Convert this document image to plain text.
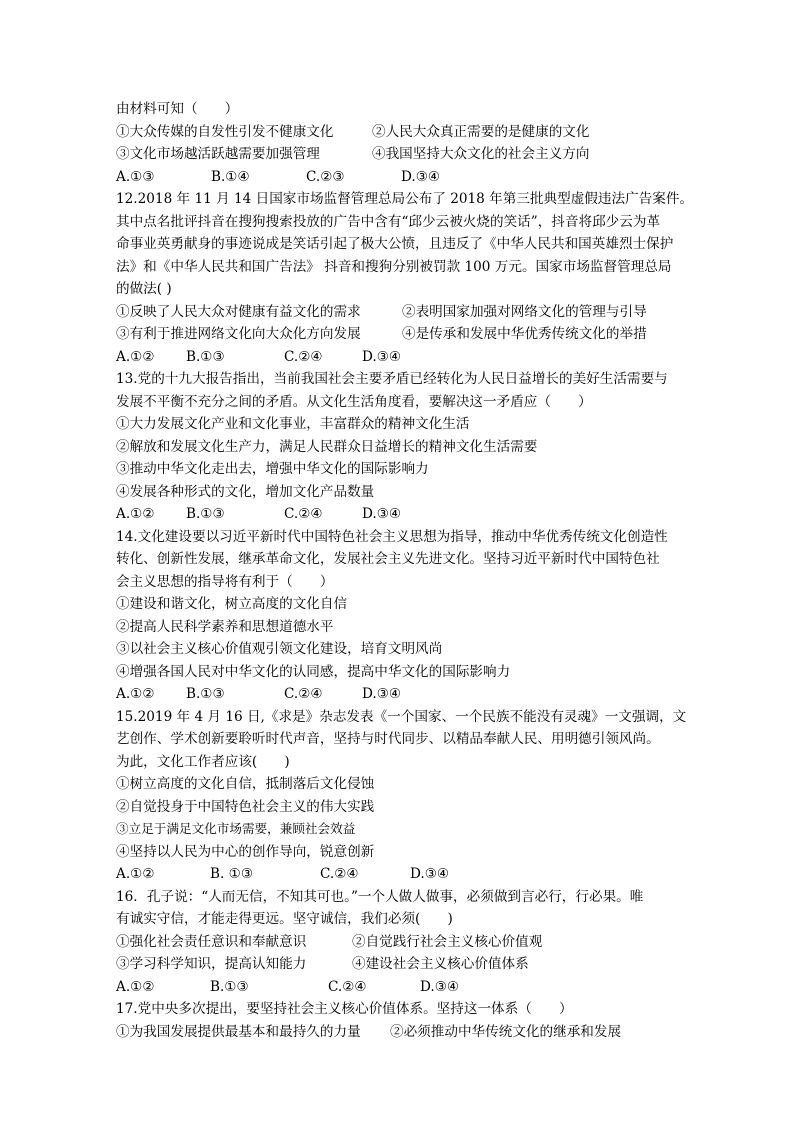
由材料可知（　　）
①大众传媒的自发性引发不健康文化	②人民大众真正需要的是健康的文化
③文化市场越活跃越需要加强管理	④我国坚持大众文化的社会主义方向
A.①③	B.①④	C.②③	D.③④
12.2018 年 11 月 14 日国家市场监督管理总局公布了 2018 年第三批典型虚假违法广告案件。
其中点名批评抖音在搜狗搜索投放的广告中含有“邱少云被火烧的笑话”，抖音将邱少云为革
命事业英勇献身的事迹说成是笑话引起了极大公愤，且违反了《中华人民共和国英雄烈士保护
法》和《中华人民共和国广告法》 抖音和搜狗分别被罚款 100 万元。国家市场监督管理总局
的做法( )
①反映了人民大众对健康有益文化的需求	②表明国家加强对网络文化的管理与引导
③有利于推进网络文化向大众化方向发展	④是传承和发展中华优秀传统文化的举措
A.①② B.①③	C.②④	D.③④
13.党的十九大报告指出，当前我国社会主要矛盾已经转化为人民日益增长的美好生活需要与
发展不平衡不充分之间的矛盾。从文化生活角度看，要解决这一矛盾应（　　）
①大力发展文化产业和文化事业，丰富群众的精神文化生活
②解放和发展文化生产力，满足人民群众日益增长的精神文化生活需要
③推动中华文化走出去，增强中华文化的国际影响力
④发展各种形式的文化，增加文化产品数量
A.①② B.①③	C.②④	D.③④
14.文化建设要以习近平新时代中国特色社会主义思想为指导，推动中华优秀传统文化创造性
转化、创新性发展，继承革命文化，发展社会主义先进文化。坚持习近平新时代中国特色社
会主义思想的指导将有利于（　　）
①建设和谐文化，树立高度的文化自信
②提高人民科学素养和思想道德水平
③以社会主义核心价值观引领文化建设，培育文明风尚
④增强各国人民对中华文化的认同感，提高中华文化的国际影响力
A.①② B.①③	C.②④	D.③④
15.2019 年 4 月 16 日,《求是》杂志发表《一个国家、一个民族不能没有灵魂》一文强调，文
艺创作、学术创新要聆听时代声音，坚持与时代同步、以精品奉献人民、用明德引领风尚。
为此，文化工作者应该(　　)
①树立高度的文化自信，抵制落后文化侵蚀
②自觉投身于中国特色社会主义的伟大实践
③立足于满足文化市场需要，兼顾社会效益
④坚持以人民为中心的创作导向，锐意创新
A.①②	B. ①③	C.②④	D.③④
16．孔子说：“人而无信，不知其可也。”一个人做人做事，必须做到言必行，行必果。唯
有诚实守信，才能走得更远。坚守诚信，我们必须(　　)
①强化社会责任意识和奉献意识	②自觉践行社会主义核心价值观
③学习科学知识，提高认知能力	④建设社会主义核心价值体系
A.①②	B.①③	C.②④	D.③④
17.党中央多次提出，要坚持社会主义核心价值体系。坚持这一体系（　　）
①为我国发展提供最基本和最持久的力量 ②必须推动中华传统文化的继承和发展
